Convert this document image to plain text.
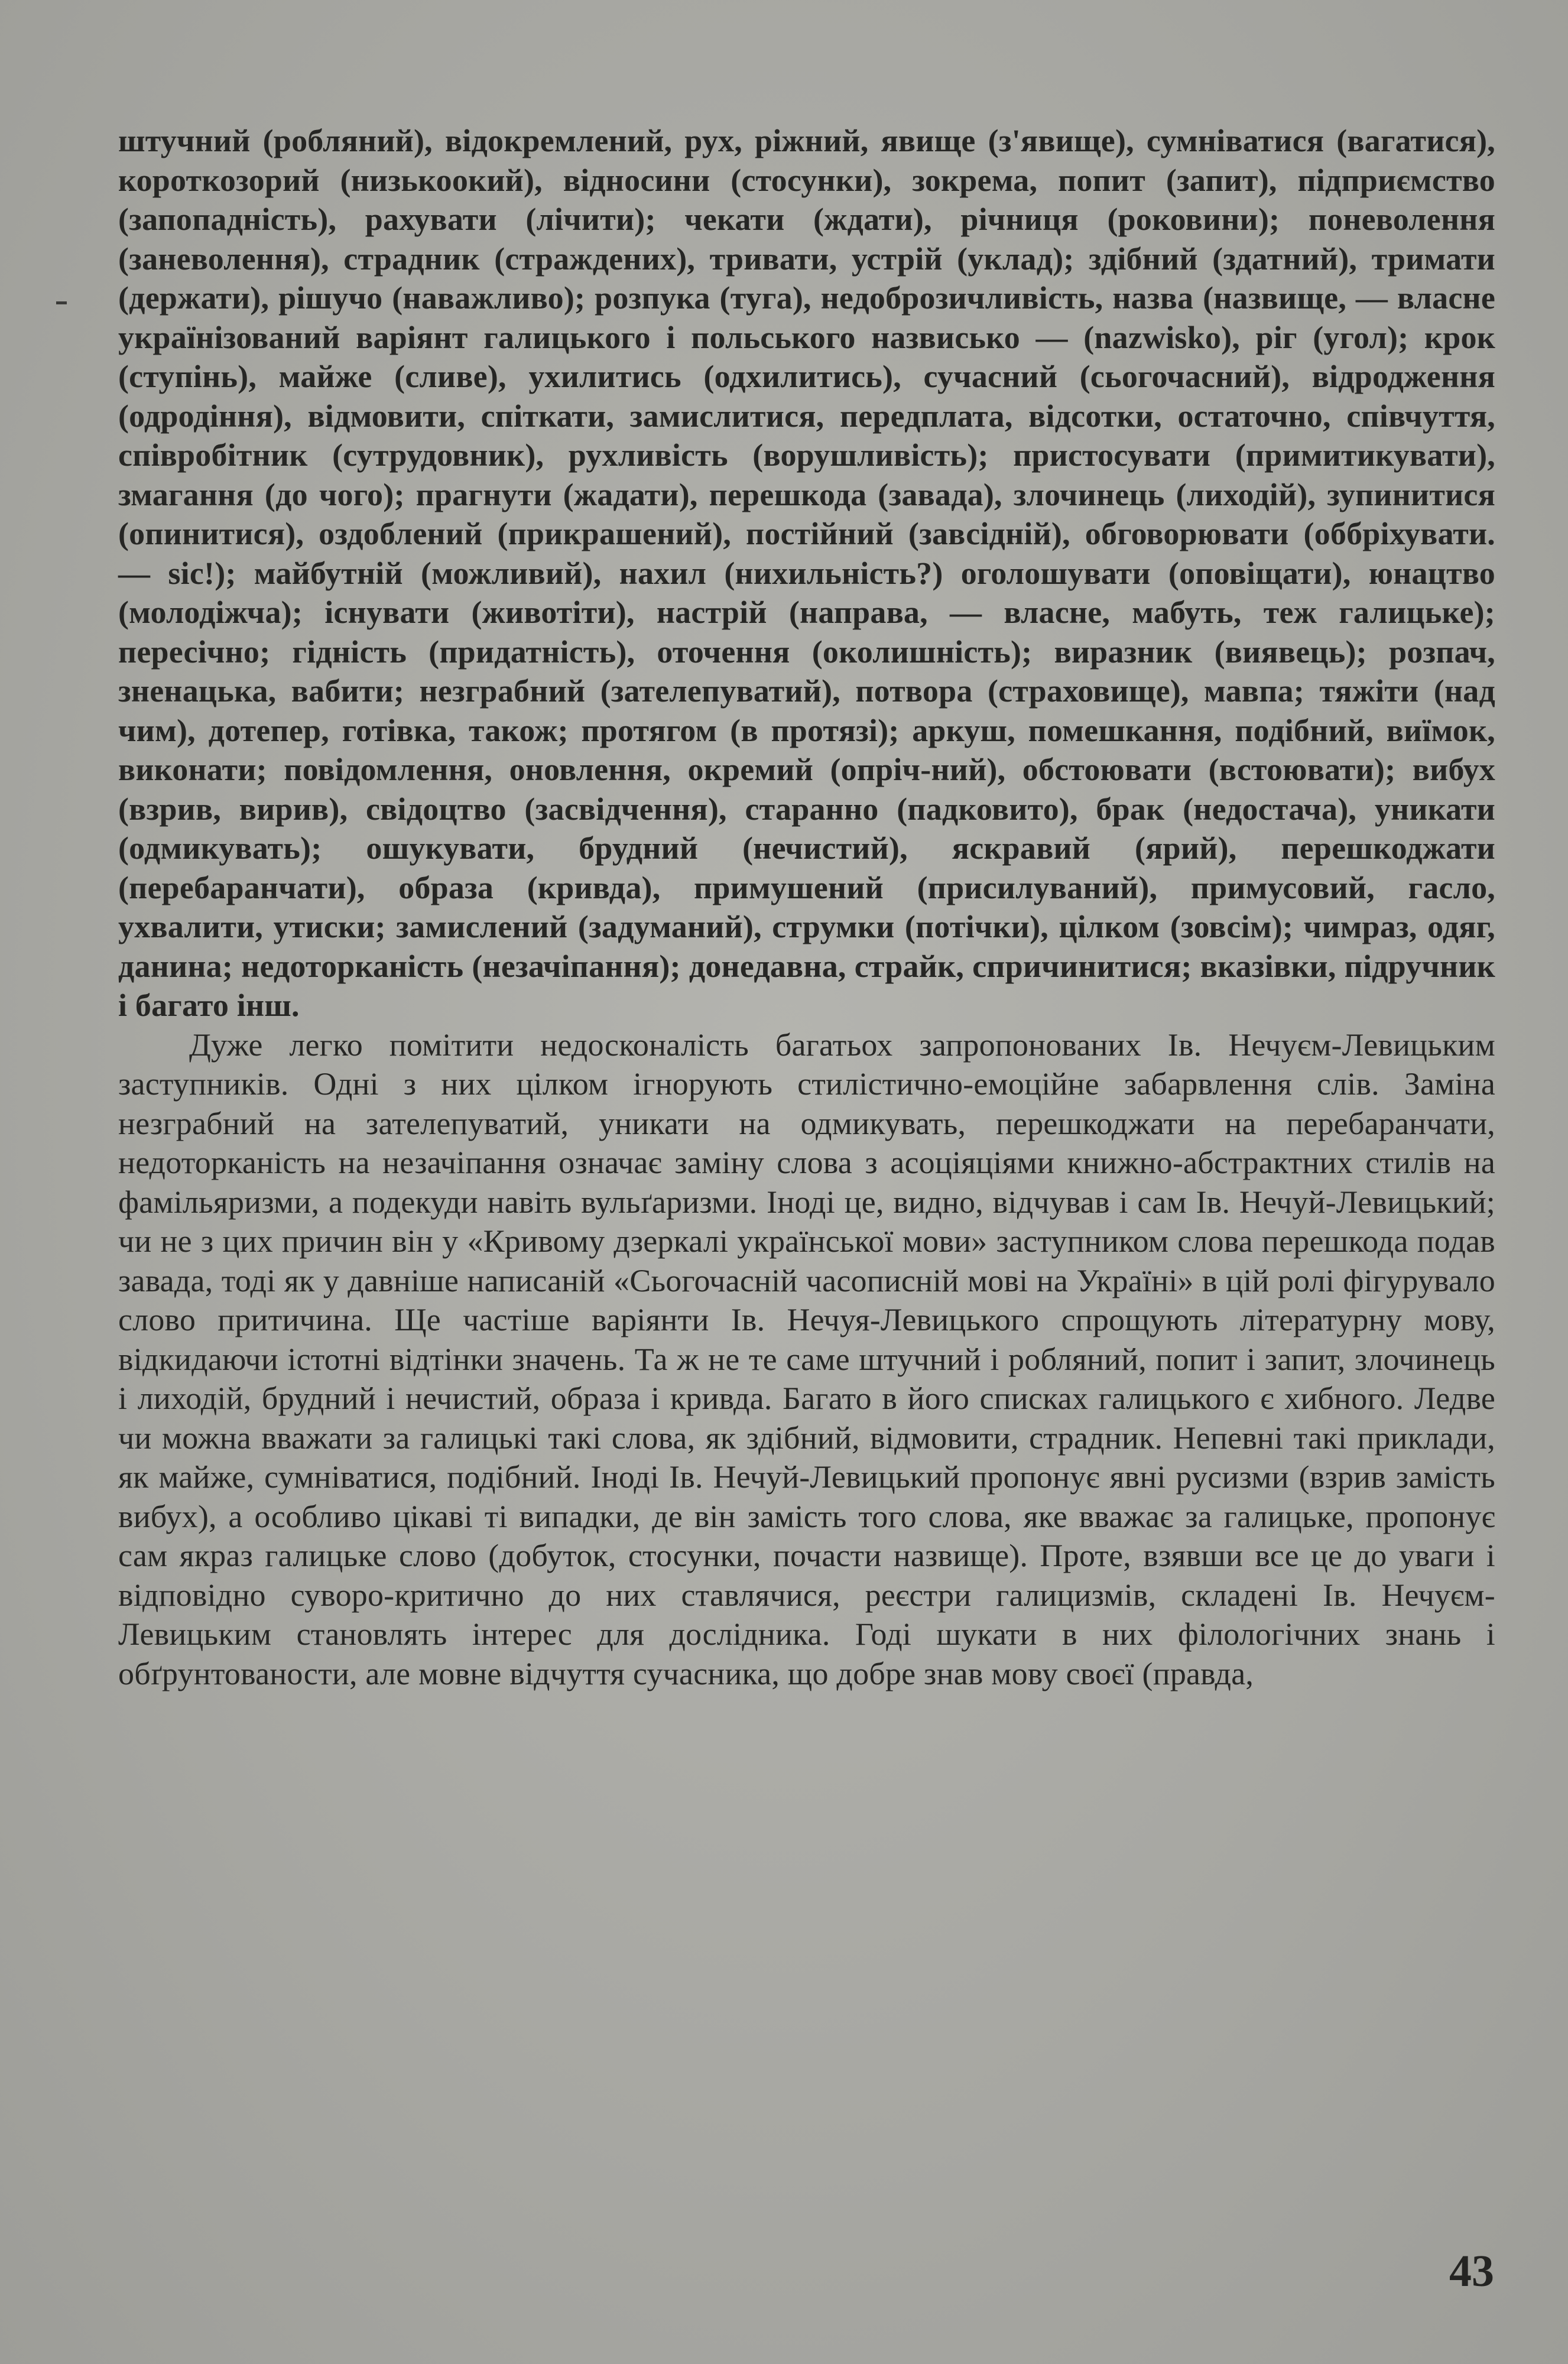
штучний (робляний), відокремлений, рух, ріжний, явище (з'явище), сумніватися (вагатися), короткозорий (низькоокий), відносини (стосунки), зокрема, попит (запит), підприємство (запопадність), рахувати (лічити); чекати (ждати), річниця (роковини); поневолення (заневолення), страдник (страждених), тривати, устрій (уклад); здібний (здатний), тримати (держати), рішучо (наважливо); розпука (туга), недоброзичливість, назва (назвище, — власне українізований варіянт галицького і польського назвисько — (nazwisko), ріг (угол); крок (ступінь), майже (сливе), ухилитись (одхилитись), сучасний (сьогочасний), відродження (одродіння), відмовити, спіткати, замислитися, передплата, відсотки, остаточно, співчуття, співробітник (сутрудовник), рухливість (ворушливість); пристосувати (примитикувати), змагання (до чого); прагнути (жадати), перешкода (завада), злочинець (лиходій), зупинитися (опинитися), оздоблений (прикрашений), постійний (завсідній), обговорювати (оббріхувати. — sic!); майбутній (можливий), нахил (нихильність?) оголошувати (оповіщати), юнацтво (молодіжча); існувати (животіти), настрій (направа, — власне, мабуть, теж галицьке); пересічно; гідність (придатність), оточення (околишність); виразник (виявець); розпач, зненацька, вабити; незграбний (зателепуватий), потвора (страховище), мавпа; тяжіти (над чим), дотепер, готівка, також; протягом (в протязі); аркуш, помешкання, подібний, виїмок, виконати; повідомлення, оновлення, окремий (опріч-ний), обстоювати (встоювати); вибух (взрив, вирив), свідоцтво (засвідчення), старанно (падковито), брак (недостача), уникати (одмикувать); ошукувати, брудний (нечистий), яскравий (ярий), перешкоджати (перебаранчати), образа (кривда), примушений (присилуваний), примусовий, гасло, ухвалити, утиски; замислений (задуманий), струмки (потічки), цілком (зовсім); чимраз, одяг, данина; недоторканість (незачіпання); донедавна, страйк, спричинитися; вказівки, підручник і багато інш.

Дуже легко помітити недосконалість багатьох запропонованих Ів. Нечуєм-Левицьким заступників. Одні з них цілком ігнорують стилістично-емоційне забарвлення слів. Заміна незграбний на зателепуватий, уникати на одмикувать, перешкоджати на перебаранчати, недоторканість на незачіпання означає заміну слова з асоціяціями книжно-абстрактних стилів на фамільяризми, а подекуди навіть вульґаризми. Іноді це, видно, відчував і сам Ів. Нечуй-Левицький; чи не з цих причин він у «Кривому дзеркалі української мови» заступником слова перешкода подав завада, тоді як у давніше написаній «Сьогочасній часописній мові на Україні» в цій ролі фігурувало слово притичина. Ще частіше варіянти Ів. Нечуя-Левицького спрощують літературну мову, відкидаючи істотні відтінки значень. Та ж не те саме штучний і робляний, попит і запит, злочинець і лиходій, брудний і нечистий, образа і кривда. Багато в його списках галицького є хибного. Ледве чи можна вважати за галицькі такі слова, як здібний, відмовити, страдник. Непевні такі приклади, як майже, сумніватися, подібний. Іноді Ів. Нечуй-Левицький пропонує явні русизми (взрив замість вибух), а особливо цікаві ті випадки, де він замість того слова, яке вважає за галицьке, пропонує сам якраз галицьке слово (добуток, стосунки, почасти назвище). Проте, взявши все це до уваги і відповідно суворо-критично до них ставлячися, реєстри галицизмів, складені Ів. Нечуєм-Левицьким становлять інтерес для дослідника. Годі шукати в них філологічних знань і обґрунтованости, але мовне відчуття сучасника, що добре знав мову своєї (правда,

43
